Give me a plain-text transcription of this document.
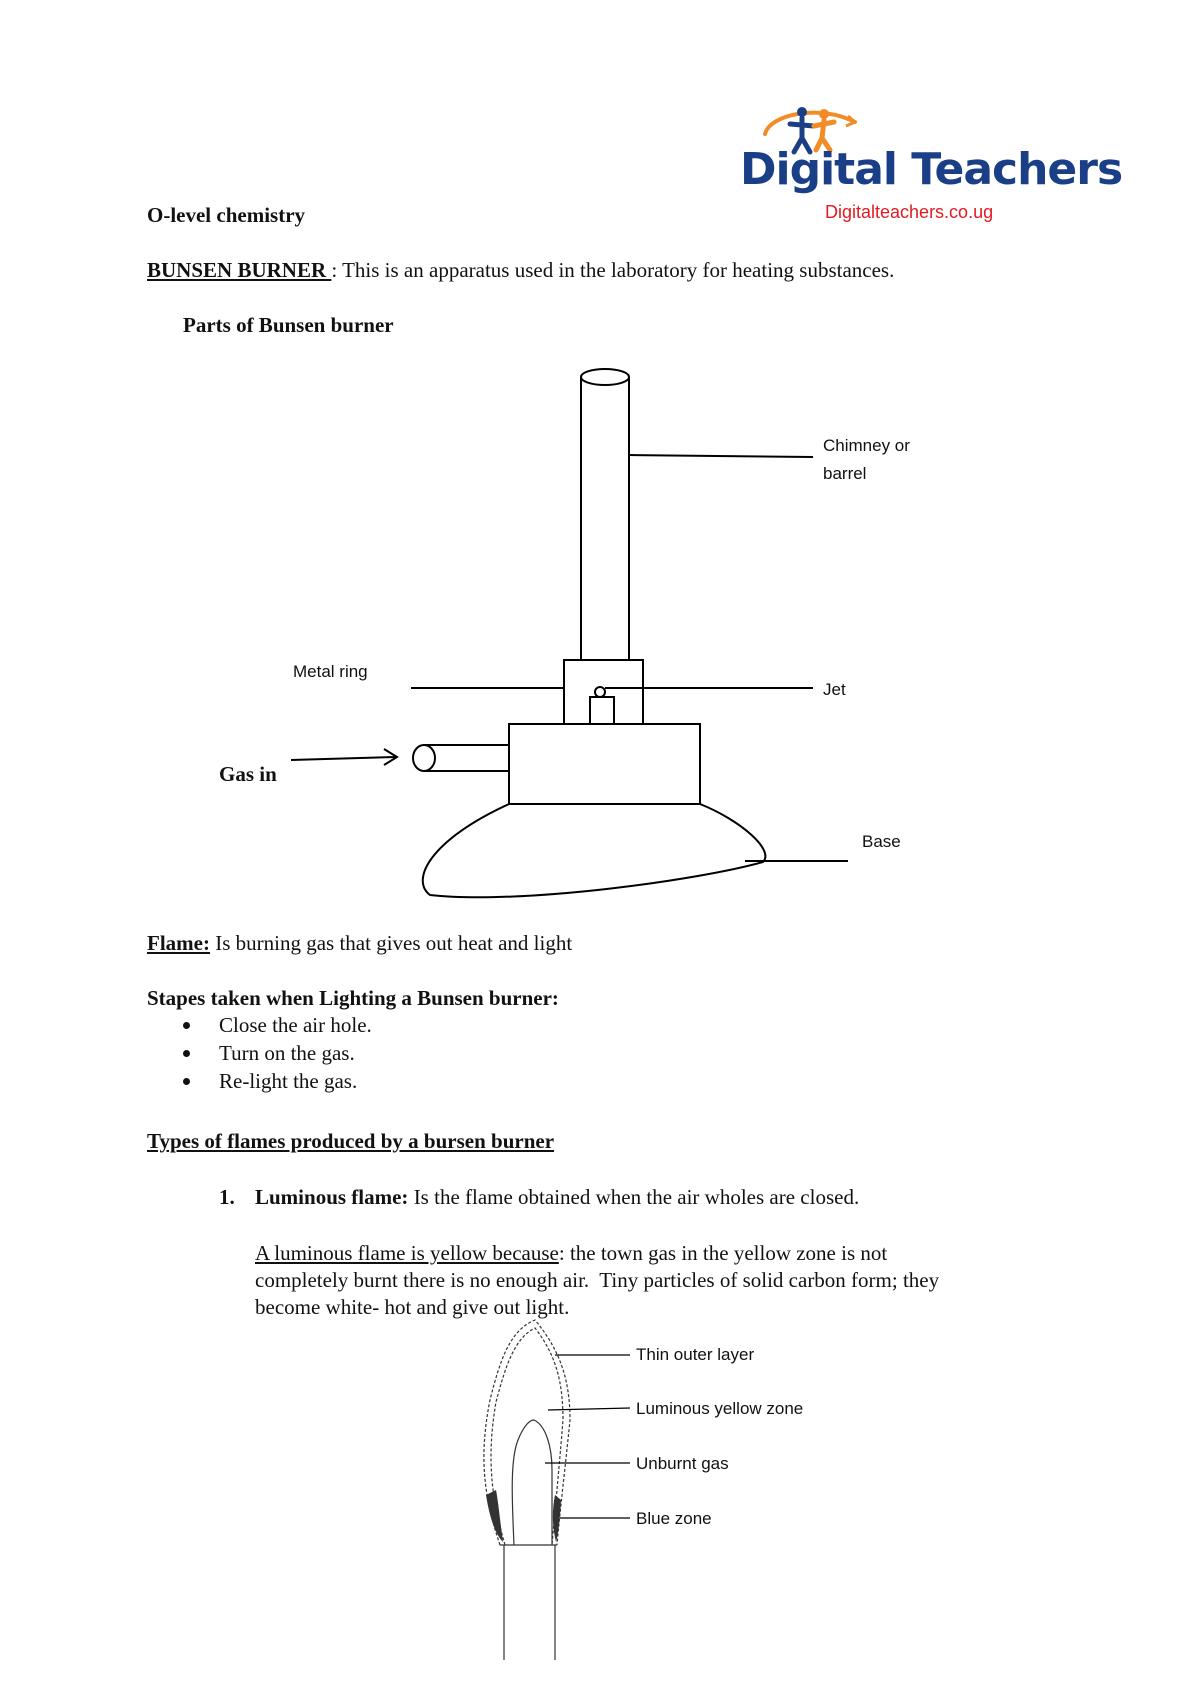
Digital Teachers
Digitalteachers.co.ug
O-level chemistry
BUNSEN BURNER : This is an apparatus used in the laboratory for heating substances.
Parts of Bunsen burner
Chimney or
barrel
Metal ring
Jet
Gas in
Base
Flame: Is burning gas that gives out heat and light
Stapes taken when Lighting a Bunsen burner:
Close the air hole.
Turn on the gas.
Re-light the gas.
Types of flames produced by a bursen burner
1. Luminous flame: Is the flame obtained when the air wholes are closed.
A luminous flame is yellow because: the town gas in the yellow zone is not
completely burnt there is no enough air.  Tiny particles of solid carbon form; they
become white- hot and give out light.
Thin outer layer
Luminous yellow zone
Unburnt gas
Blue zone
